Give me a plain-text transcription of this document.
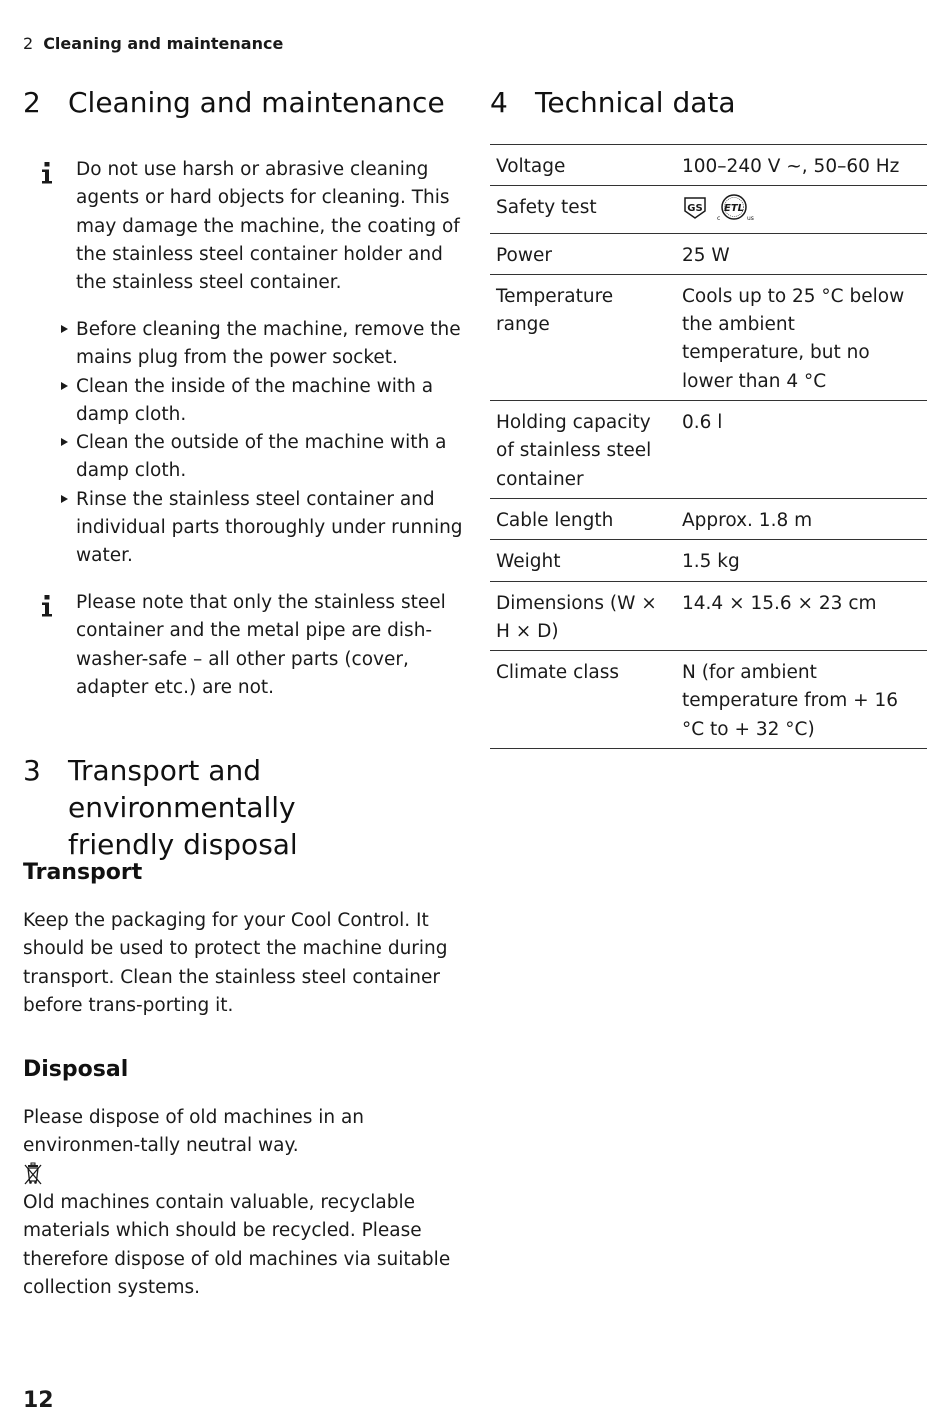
2 Cleaning and maintenance
2 Cleaning and maintenance
Do not use harsh or abrasive cleaning agents or hard objects for cleaning. This may damage the machine, the coating of the stainless steel container holder and the stainless steel container.
Before cleaning the machine, remove the mains plug from the power socket.
Clean the inside of the machine with a damp cloth.
Clean the outside of the machine with a damp cloth.
Rinse the stainless steel container and individual parts thoroughly under running water.
Please note that only the stainless steel container and the metal pipe are dish-washer-safe – all other parts (cover, adapter etc.) are not.
3 Transport and environmentally
friendly disposal
Transport
Keep the packaging for your Cool Control. It should be used to protect the machine during transport. Clean the stainless steel container before trans-porting it.
Disposal
Please dispose of old machines in an environmen-tally neutral way.
Old machines contain valuable, recyclable materials which should be recycled. Please therefore dispose of old machines via suitable collection systems.
4 Technical data
Voltage	100–240 V ~, 50–60 Hz
Safety test	GS ETL
c us

Power	25 W
Temperature range	Cools up to 25 °C below the ambient temperature, but no lower than 4 °C
Holding capacity of stainless steel container	0.6 l
Cable length	Approx. 1.8 m
Weight	1.5 kg
Dimensions (W × H × D)	14.4 × 15.6 × 23 cm
Climate class	N (for ambient temperature from + 16 °C to + 32 °C)
12
